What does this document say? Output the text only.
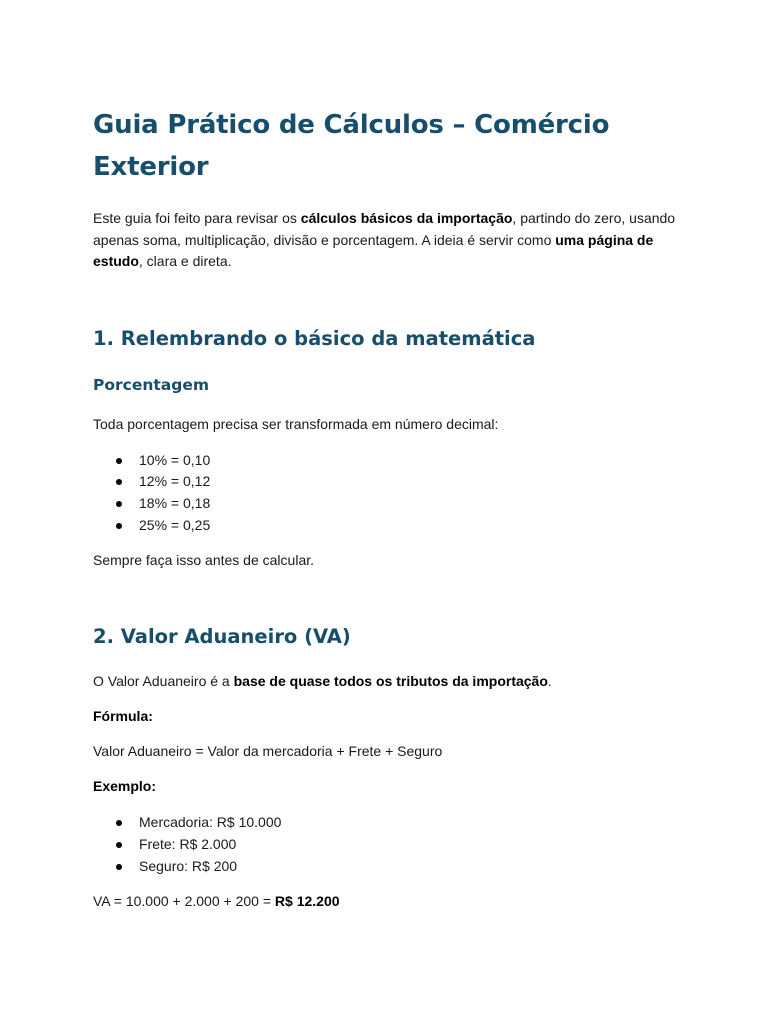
Guia Prático de Cálculos – Comércio Exterior

Este guia foi feito para revisar os cálculos básicos da importação, partindo do zero, usando apenas soma, multiplicação, divisão e porcentagem. A ideia é servir como uma página de estudo, clara e direta.

1. Relembrando o básico da matemática
Porcentagem

Toda porcentagem precisa ser transformada em número decimal:

10% = 0,10
12% = 0,12
18% = 0,18
25% = 0,25

Sempre faça isso antes de calcular.

2. Valor Aduaneiro (VA)

O Valor Aduaneiro é a base de quase todos os tributos da importação.

Fórmula:

Valor Aduaneiro = Valor da mercadoria + Frete + Seguro

Exemplo:

Mercadoria: R$ 10.000
Frete: R$ 2.000
Seguro: R$ 200

VA = 10.000 + 2.000 + 200 = R$ 12.200
